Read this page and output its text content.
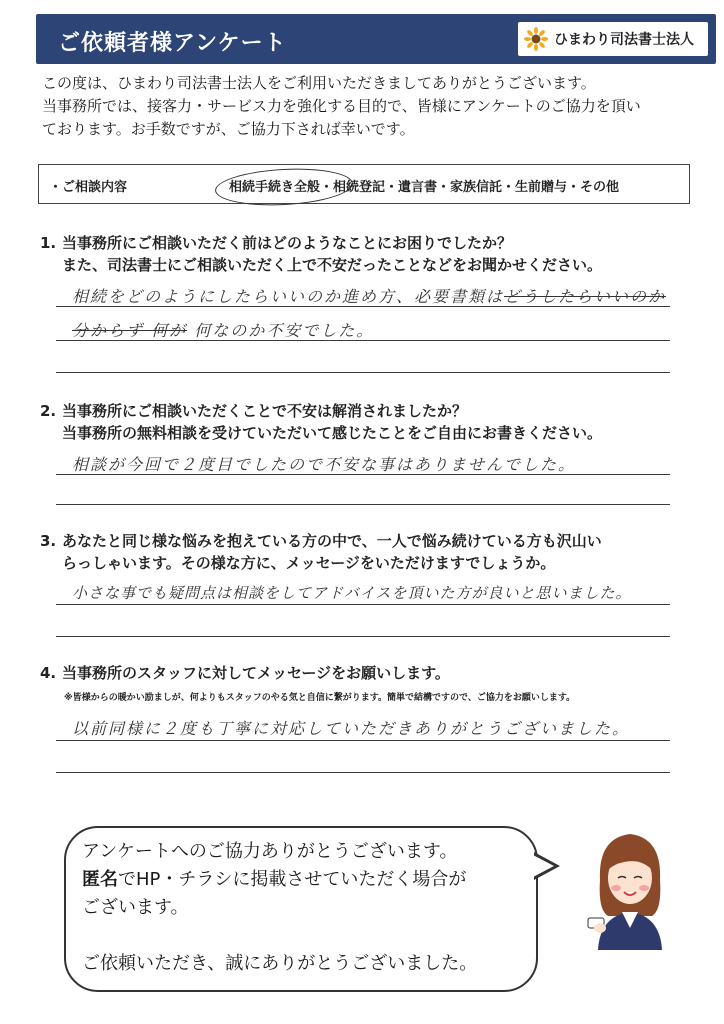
ご依頼者様アンケート	ひまわり司法書士法人
この度は、ひまわり司法書士法人をご利用いただきましてありがとうございます。
当事務所では、接客力・サービス力を強化する目的で、皆様にアンケートのご協力を頂い
ております。お手数ですが、ご協力下されば幸いです。
・ご相談内容	相続手続き全般・相続登記・遺言書・家族信託・生前贈与・その他
1. 当事務所にご相談いただく前はどのようなことにお困りでしたか？
また、司法書士にご相談いただく上で不安だったことなどをお聞かせください。
相続をどのようにしたらいいのか進め方、必要書類はどうしたらいいのか
分からず 何が 何なのか不安でした。
2. 当事務所にご相談いただくことで不安は解消されましたか？
当事務所の無料相談を受けていただいて感じたことをご自由にお書きください。
相談が今回で２度目でしたので不安な事はありませんでした。
3. あなたと同じ様な悩みを抱えている方の中で、一人で悩み続けている方も沢山い
らっしゃいます。その様な方に、メッセージをいただけますでしょうか。
小さな事でも疑問点は相談をしてアドバイスを頂いた方が良いと思いました。
4. 当事務所のスタッフに対してメッセージをお願いします。
※皆様からの暖かい励ましが、何よりもスタッフのやる気と自信に繋がります。簡単で結構ですので、ご協力をお願いします。
以前同様に２度も丁寧に対応していただきありがとうございました。
アンケートへのご協力ありがとうございます。
匿名でHP・チラシに掲載させていただく場合が
ございます。
ご依頼いただき、誠にありがとうございました。
